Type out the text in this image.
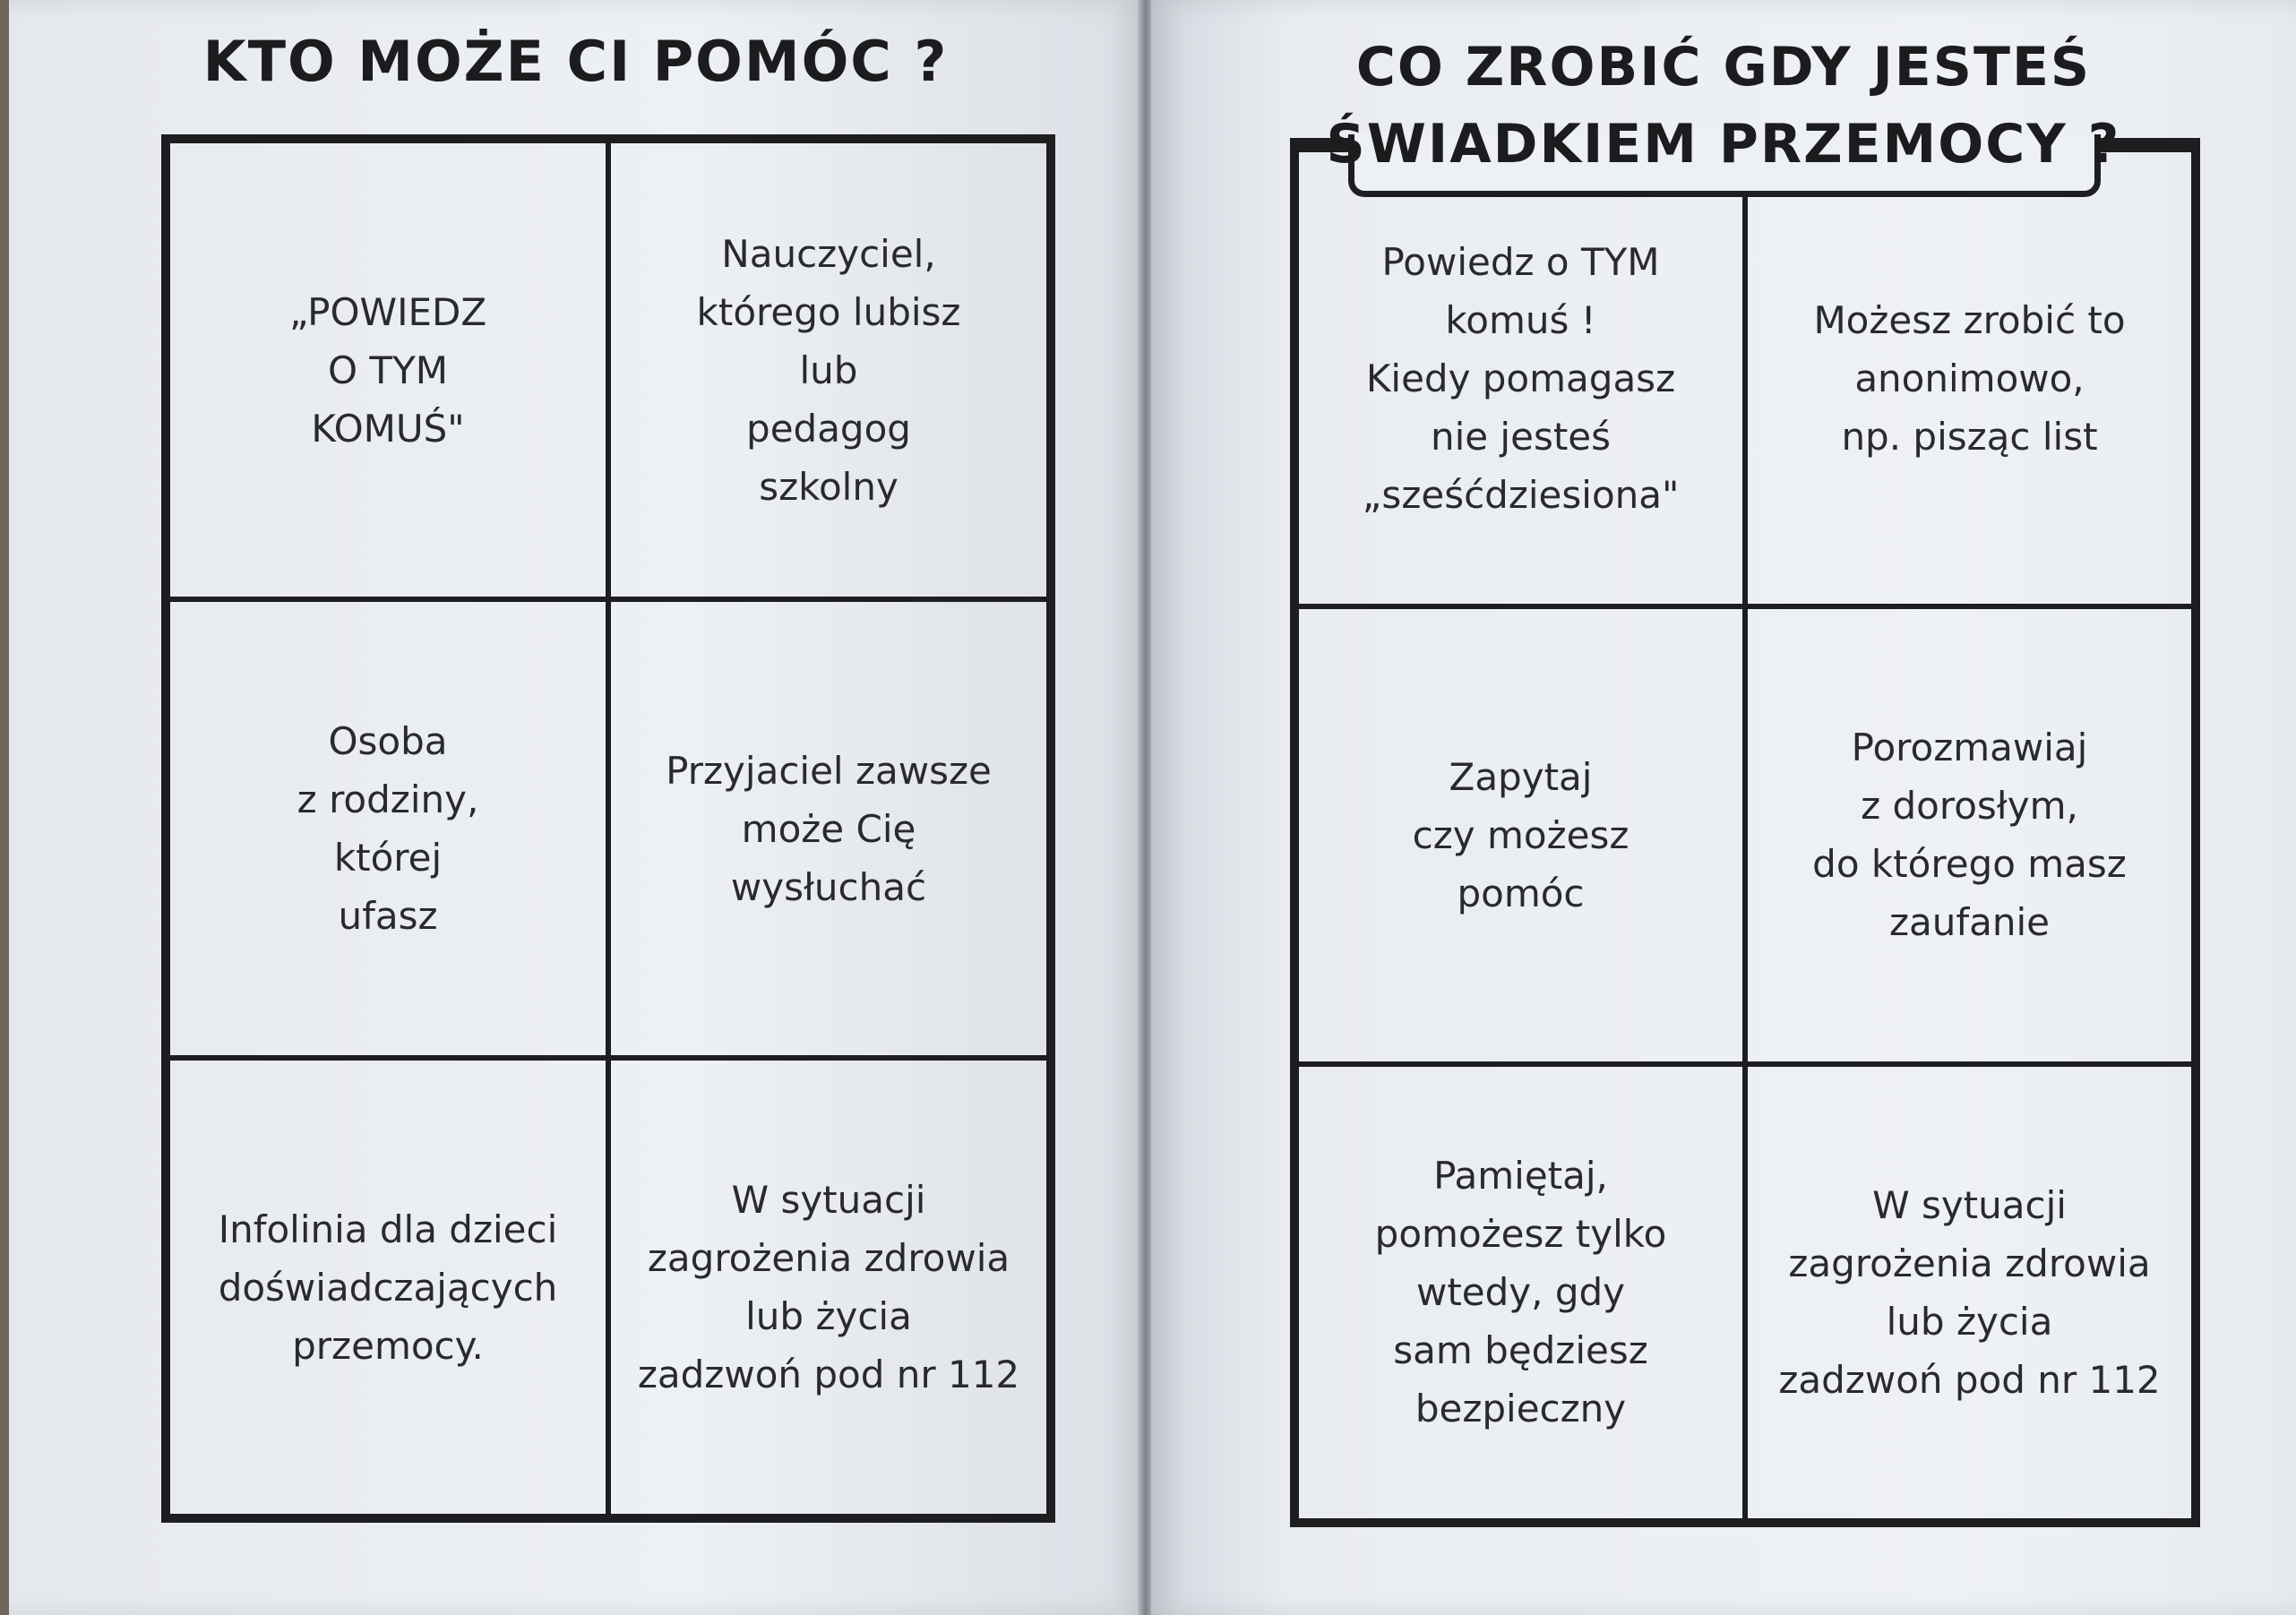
KTO MOŻE CI POMÓC ?
„POWIEDZ
O TYM
KOMUŚ"
Nauczyciel,
którego lubisz
lub
pedagog
szkolny
Osoba
z rodziny,
której
ufasz
Przyjaciel zawsze
może Cię
wysłuchać
Infolinia dla dzieci
doświadczających
przemocy.
W sytuacji
zagrożenia zdrowia
lub życia
zadzwoń pod nr 112
CO ZROBIĆ GDY JESTEŚ
Powiedz o TYM
komuś !
Kiedy pomagasz
nie jesteś
„sześćdziesiona"
Możesz zrobić to
anonimowo,
np. pisząc list
Zapytaj
czy możesz
pomóc
Porozmawiaj
z dorosłym,
do którego masz
zaufanie
Pamiętaj,
pomożesz tylko
wtedy, gdy
sam będziesz
bezpieczny
W sytuacji
zagrożenia zdrowia
lub życia
zadzwoń pod nr 112
ŚWIADKIEM PRZEMOCY ?
